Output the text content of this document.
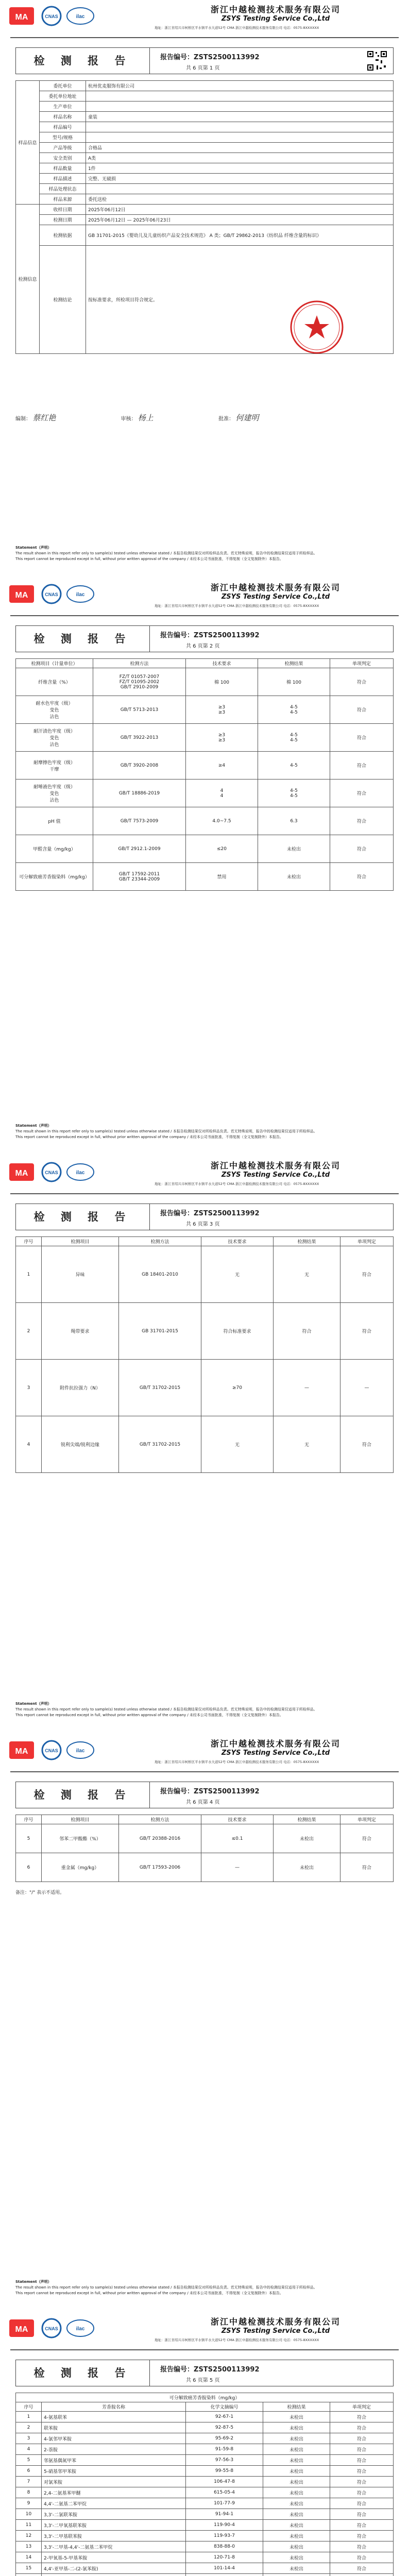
MA	CNAS	ilac
浙江中越检测技术服务有限公司
ZSYS Testing Service Co.,Ltd
地址：浙江省绍兴市柯桥区平水镇平水大道52号 CMA 浙江中越检测技术服务有限公司 电话：0575-8XXXXXX
检 测 报 告	报告编号：ZSTS2500113992
共 6 页第 1 页
样品信息	委托单位	杭州优麦服饰有限公司
	委托单位地址	
	生产单位	
	样品名称	童装
	样品编号	
	型号/规格	
	产品等级	合格品
	安全类别	A类
	样品数量	1件
	样品描述	完整、无破损
	样品处理状态	
	样品来源	委托送检
检测信息	收样日期	2025年06月12日
	检测日期	2025年06月12日 — 2025年06月23日
	检测依据	GB 31701-2015《婴幼儿及儿童纺织产品安全技术规范》 A 类；GB/T 29862-2013《纺织品 纤维含量的标识》
	检测结论	按标准要求，所检项目符合规定。
编制： 蔡红艳	审核： 杨上	批准： 何建明
Statement（声明）
The result shown in this report refer only to sample(s) tested unless otherwise stated / 本报告检测结果仅对所检样品负责。若无特殊说明，报告中的检测结果仅适用于所检样品。
This report cannot be reproduced except in full, without prior written approval of the company / 未经本公司书面批准，不得复制（全文复制除外）本报告。
MA	CNAS	ilac
浙江中越检测技术服务有限公司
ZSYS Testing Service Co.,Ltd
地址：浙江省绍兴市柯桥区平水镇平水大道52号 CMA 浙江中越检测技术服务有限公司 电话：0575-8XXXXXX
检 测 报 告	报告编号：ZSTS2500113992
共 6 页第 2 页
检测项目（计量单位）	检测方法	技术要求	检测结果	单项判定
纤维含量（%）	FZ/T 01057-2007
FZ/T 01095-2002
GB/T 2910-2009	棉 100	棉 100	符合
耐水色牢度（级）
变色
沾色	GB/T 5713-2013	≥3
≥3	4-5
4-5	符合
耐汗渍色牢度（级）
变色
沾色	GB/T 3922-2013	≥3
≥3	4-5
4-5	符合
耐摩擦色牢度（级）
干摩	GB/T 3920-2008	≥4	4-5	符合
耐唾液色牢度（级）
变色
沾色	GB/T 18886-2019	4
4	4-5
4-5	符合
pH 值	GB/T 7573-2009	4.0~7.5	6.3	符合
甲醛含量（mg/kg）	GB/T 2912.1-2009	≤20	未检出	符合
可分解致癌芳香胺染料（mg/kg）	GB/T 17592-2011
GB/T 23344-2009	禁用	未检出	符合
Statement（声明）
The result shown in this report refer only to sample(s) tested unless otherwise stated / 本报告检测结果仅对所检样品负责。若无特殊说明，报告中的检测结果仅适用于所检样品。
This report cannot be reproduced except in full, without prior written approval of the company / 未经本公司书面批准，不得复制（全文复制除外）本报告。
MA	CNAS	ilac
浙江中越检测技术服务有限公司
ZSYS Testing Service Co.,Ltd
地址：浙江省绍兴市柯桥区平水镇平水大道52号 CMA 浙江中越检测技术服务有限公司 电话：0575-8XXXXXX
检 测 报 告	报告编号：ZSTS2500113992
共 6 页第 3 页
序号	检测项目	检测方法	技术要求	检测结果	单项判定
1	异味	GB 18401-2010	无	无	符合
2	绳带要求	GB 31701-2015	符合标准要求	符合	符合
3	附件抗拉强力（N）	GB/T 31702-2015	≥70	—	—
4	锐利尖端/锐利边缘	GB/T 31702-2015	无	无	符合
Statement（声明）
The result shown in this report refer only to sample(s) tested unless otherwise stated / 本报告检测结果仅对所检样品负责。若无特殊说明，报告中的检测结果仅适用于所检样品。
This report cannot be reproduced except in full, without prior written approval of the company / 未经本公司书面批准，不得复制（全文复制除外）本报告。
MA	CNAS	ilac
浙江中越检测技术服务有限公司
ZSYS Testing Service Co.,Ltd
地址：浙江省绍兴市柯桥区平水镇平水大道52号 CMA 浙江中越检测技术服务有限公司 电话：0575-8XXXXXX
检 测 报 告	报告编号：ZSTS2500113992
共 6 页第 4 页
序号	检测项目	检测方法	技术要求	检测结果	单项判定
5	邻苯二甲酸酯（%）	GB/T 20388-2016	≤0.1	未检出	符合
6	重金属（mg/kg）	GB/T 17593-2006	—	未检出	符合
备注："/" 表示不适用。
Statement（声明）
The result shown in this report refer only to sample(s) tested unless otherwise stated / 本报告检测结果仅对所检样品负责。若无特殊说明，报告中的检测结果仅适用于所检样品。
This report cannot be reproduced except in full, without prior written approval of the company / 未经本公司书面批准，不得复制（全文复制除外）本报告。
MA	CNAS	ilac
浙江中越检测技术服务有限公司
ZSYS Testing Service Co.,Ltd
地址：浙江省绍兴市柯桥区平水镇平水大道52号 CMA 浙江中越检测技术服务有限公司 电话：0575-8XXXXXX
检 测 报 告	报告编号：ZSTS2500113992
共 6 页第 5 页
可分解致癌芳香胺染料（mg/kg）				
序号	芳香胺名称	化学文摘编号	检测结果	单项判定
1	4-氨基联苯	92-67-1	未检出	符合
2	联苯胺	92-87-5	未检出	符合
3	4-氯邻甲苯胺	95-69-2	未检出	符合
4	2-萘胺	91-59-8	未检出	符合
5	邻氨基偶氮甲苯	97-56-3	未检出	符合
6	5-硝基邻甲苯胺	99-55-8	未检出	符合
7	对氯苯胺	106-47-8	未检出	符合
8	2,4-二氨基苯甲醚	615-05-4	未检出	符合
9	4,4'-二氨基二苯甲烷	101-77-9	未检出	符合
10	3,3'-二氯联苯胺	91-94-1	未检出	符合
11	3,3'-二甲氧基联苯胺	119-90-4	未检出	符合
12	3,3'-二甲基联苯胺	119-93-7	未检出	符合
13	3,3'-二甲基-4,4'-二氨基二苯甲烷	838-88-0	未检出	符合
14	2-甲氧基-5-甲基苯胺	120-71-8	未检出	符合
15	4,4'-亚甲基-二-(2-氯苯胺)	101-14-4	未检出	符合
